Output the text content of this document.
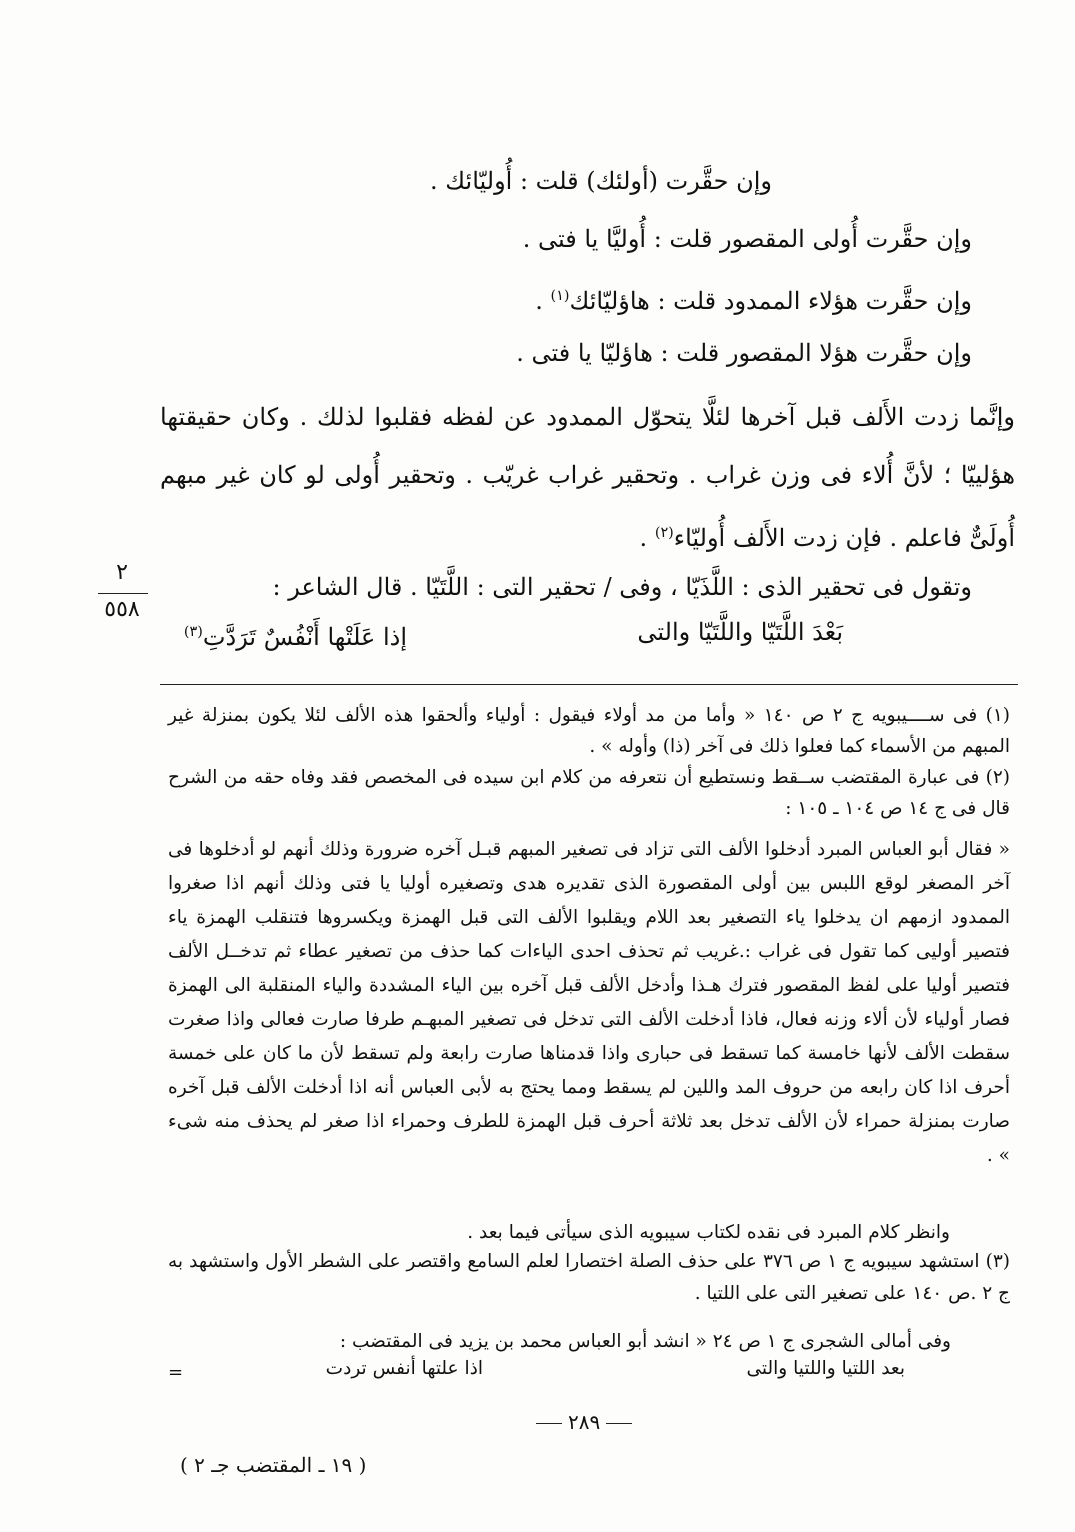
وإن حقَّرت (أولئك) قلت : أُوليّائك .
وإن حقَّرت أُولى المقصور قلت : أُوليَّا يا فتى .
وإن حقَّرت هؤلاء الممدود قلت : هاؤليّائك$^{(١)}$ .
وإن حقَّرت هؤلا المقصور قلت : هاؤليّا يا فتى .
وإنَّما زدت الأَلف قبل آخرها لئلَّا يتحوّل الممدود عن لفظه فقلبوا لذلك . وكان حقيقتها هؤلييّا ؛ لأنَّ أُلاء فى وزن غراب . وتحقير غراب غريّب . وتحقير أُولى لو كان غير مبهم أُولَىٌّ فاعلم . فإن زدت الأَلف أُوليّاء$^{(٢)}$ .
وتقول فى تحقير الذى : اللَّذَيّا ، وفى / تحقير التى : اللَّتَيّا . قال الشاعر :
بَعْدَ اللَّتَيّا واللَّتَيّا والتى
إذا عَلَتْها أَنْفُسٌ تَرَدَّتِ$^{(٣)}$
٢
٥٥٨
(١) فى ســــيبويه ج ٢ ص ١٤٠ « وأما من مد أولاء فيقول : أولياء وألحقوا هذه الألف لئلا يكون بمنزلة غير المبهم من الأسماء كما فعلوا ذلك فى آخر (ذا) وأوله » .
(٢) فى عبارة المقتضب ســقط ونستطيع أن نتعرفه من كلام ابن سيده فى المخصص فقد وفاه حقه من الشرح قال فى ج ١٤ ص ١٠٤ ـ ١٠٥ :
« فقال أبو العباس المبرد أدخلوا الألف التى تزاد فى تصغير المبهم قبـل آخره ضرورة وذلك أنهم لو أدخلوها فى آخر المصغر لوقع اللبس بين أولى المقصورة الذى تقديره هدى وتصغيره أوليا يا فتى وذلك أنهم اذا صغروا الممدود ازمهم ان يدخلوا ياء التصغير بعد اللام ويقلبوا الألف التى قبل الهمزة ويكسروها فتنقلب الهمزة ياء فتصير أوليى كما تقول فى غراب :.غريب ثم تحذف احدى الياءات كما حذف من تصغير عطاء ثم تدخــل الألف فتصير أوليا على لفظ المقصور فترك هـذا وأدخل الألف قبل آخره بين الياء المشددة والياء المنقلبة الى الهمزة فصار أولياء لأن ألاء وزنه فعال، فاذا أدخلت الألف التى تدخل فى تصغير المبهـم طرفا صارت فعالى واذا صغرت سقطت الألف لأنها خامسة كما تسقط فى حبارى واذا قدمناها صارت رابعة ولم تسقط لأن ما كان على خمسة أحرف اذا كان رابعه من حروف المد واللين لم يسقط ومما يحتج به لأبى العباس أنه اذا أدخلت الألف قبل آخره صارت بمنزلة حمراء لأن الألف تدخل بعد ثلاثة أحرف قبل الهمزة للطرف وحمراء اذا صغر لم يحذف منه شىء » .
وانظر كلام المبرد فى نقده لكتاب سيبويه الذى سيأتى فيما بعد .
(٣) استشهد سيبويه ج ١ ص ٣٧٦ على حذف الصلة اختصارا لعلم السامع واقتصر على الشطر الأول واستشهد به ج ٢ .ص ١٤٠ على تصغير التى على اللتيا .
وفى أمالى الشجرى ج ١ ص ٢٤ « انشد أبو العباس محمد بن يزيد فى المقتضب :
بعد اللتيا واللتيا والتى
اذا علتها أنفس تردت
=
٢٨٩
( ١٩ ـ المقتضب جـ ٢ )
